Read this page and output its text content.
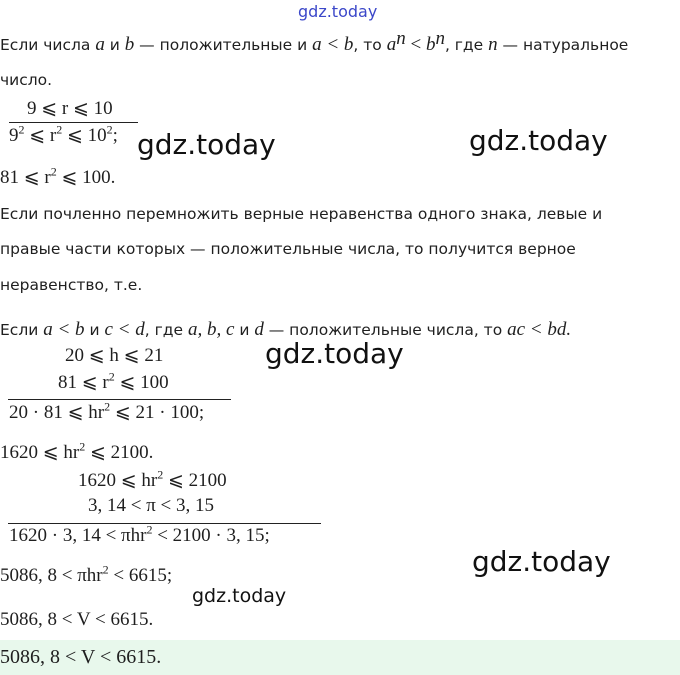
gdz.today
gdz.today	gdz.today
gdz.today
gdz.today
gdz.today
Если числа a и b — положительные и a < b, то $a^n < b^n$, где n — натуральное
число.
9 ⩽ r ⩽ 10
$9^2$ ⩽ $r^2$ ⩽ $10^2$;
81 ⩽ $r^2$ ⩽ 100.
Если почленно перемножить верные неравенства одного знака, левые и
правые части которых — положительные числа, то получится верное
неравенство, т.е.
Если a < b и c < d, где a, b, c и d — положительные числа, то ac < bd.
20 ⩽ h ⩽ 21
81 ⩽ $r^2$ ⩽ 100
20 · 81 ⩽ $hr^2$ ⩽ 21 · 100;
1620 ⩽ $hr^2$ ⩽ 2100.
1620 ⩽ $hr^2$ ⩽ 2100
3, 14 < π < 3, 15
1620 · 3, 14 < πhr$^2$ < 2100 · 3, 15;
5086, 8 < πhr$^2$ < 6615;
5086, 8 < V < 6615.
5086, 8 < V < 6615.
